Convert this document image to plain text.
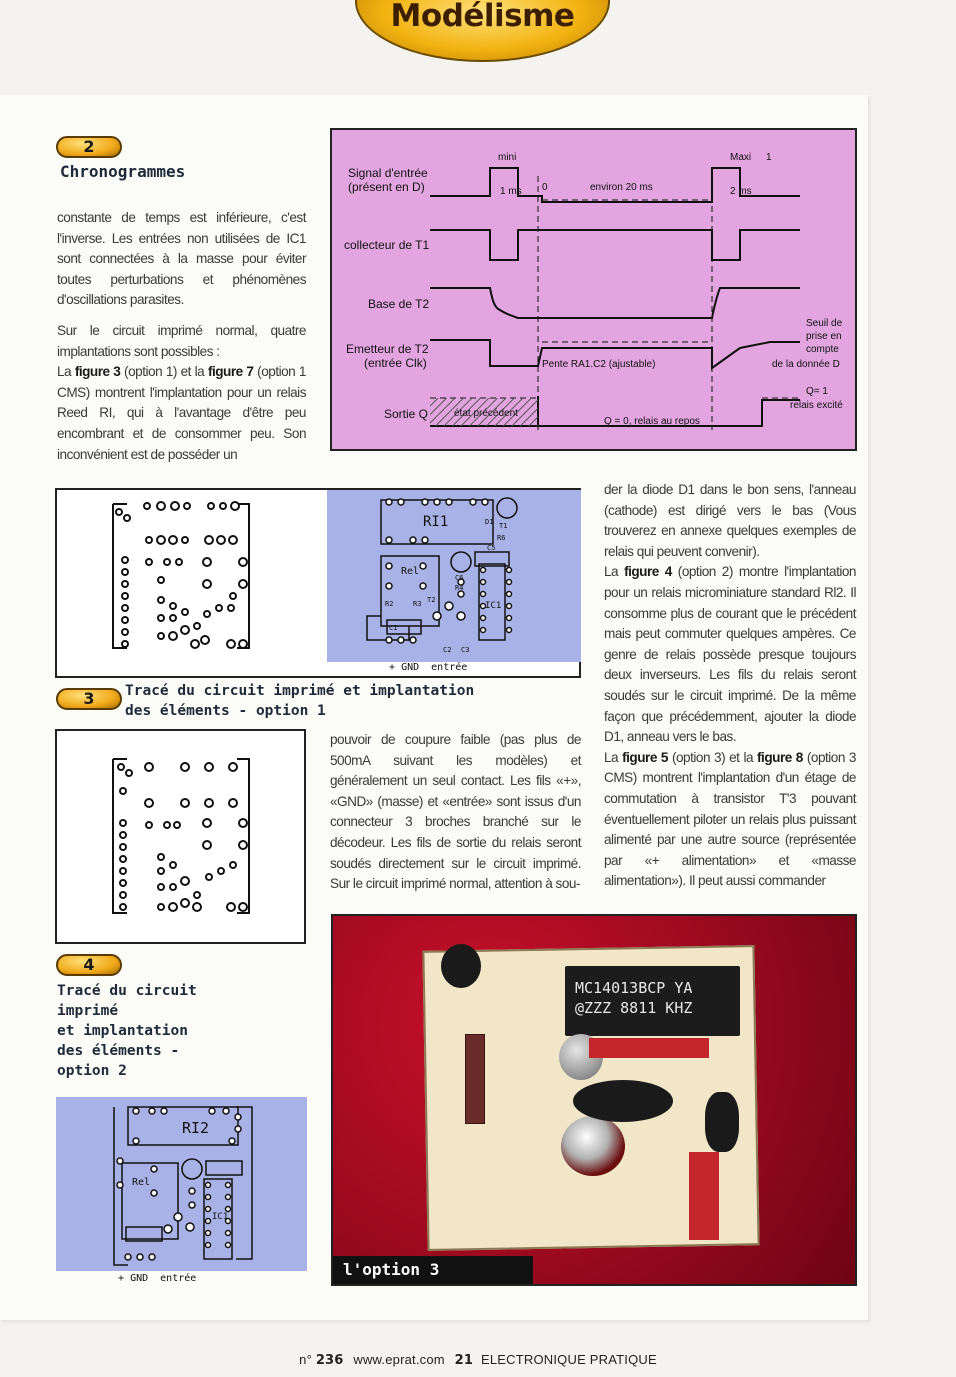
Modélisme
2
Chronogrammes

constante de temps est inférieure, c'est l'inverse. Les entrées non utilisées de IC1 sont connectées à la masse pour éviter toutes perturbations et phénomènes d'oscillations parasites.

Sur le circuit imprimé normal, quatre implantations sont possibles :

La figure 3 (option 1) et la figure 7 (option 1 CMS) montrent l'implantation pour un relais Reed RI, qui à l'avantage d'être peu encombrant et de consommer peu. Son inconvénient est de posséder un

Signal d'entrée
(présent en D)
collecteur de T1
Base de T2
Emetteur de T2
(entrée Clk)
Sortie Q
mini	Maxi 1
0
1 ms	2 ms
environ 20 ms
Pente RA1.C2 (ajustable)
Seuil de
prise en
compte
de la donnée D
état précédent
Q = 0, relais au repos
Q= 1
relais excité
RI1
Rel
IC1
D1 T1
T2
R2	R3
C1
C2 C3
C5
C6
R4
R6
+ GND entrée
3	Tracé du circuit imprimé et implantation
des éléments - option 1

pouvoir de coupure faible (pas plus de 500mA suivant les modèles) et généralement un seul contact. Les fils «+», «GND» (masse) et «entrée» sont issus d'un connecteur 3 broches branché sur le décodeur. Les fils de sortie du relais seront soudés directement sur le circuit imprimé. Sur le circuit imprimé normal, attention à sou-

der la diode D1 dans le bon sens, l'anneau (cathode) est dirigé vers le bas (Vous trouverez en annexe quelques exemples de relais qui peuvent convenir).

La figure 4 (option 2) montre l'implantation pour un relais microminiature standard Rl2. Il consomme plus de courant que le précédent mais peut commuter quelques ampères. Ce genre de relais possède presque toujours deux inverseurs. Les fils du relais seront soudés sur le circuit imprimé. De la même façon que précédemment, ajouter la diode D1, anneau vers le bas.

La figure 5 (option 3) et la figure 8 (option 3 CMS) montrent l'implantation d'un étage de commutation à transistor T'3 pouvant éventuellement piloter un relais plus puissant alimenté par une autre source (représentée par «+ alimentation» et «masse alimentation»). Il peut aussi commander

4
Tracé du circuit
imprimé
et implantation
des éléments -
option 2
RI2
Rel
IC1
+ GND entrée
MC14013BCP YA
@ZZZ 8811 KHZ
l'option 3
n° 236 www.eprat.com 21 ELECTRONIQUE PRATIQUE
